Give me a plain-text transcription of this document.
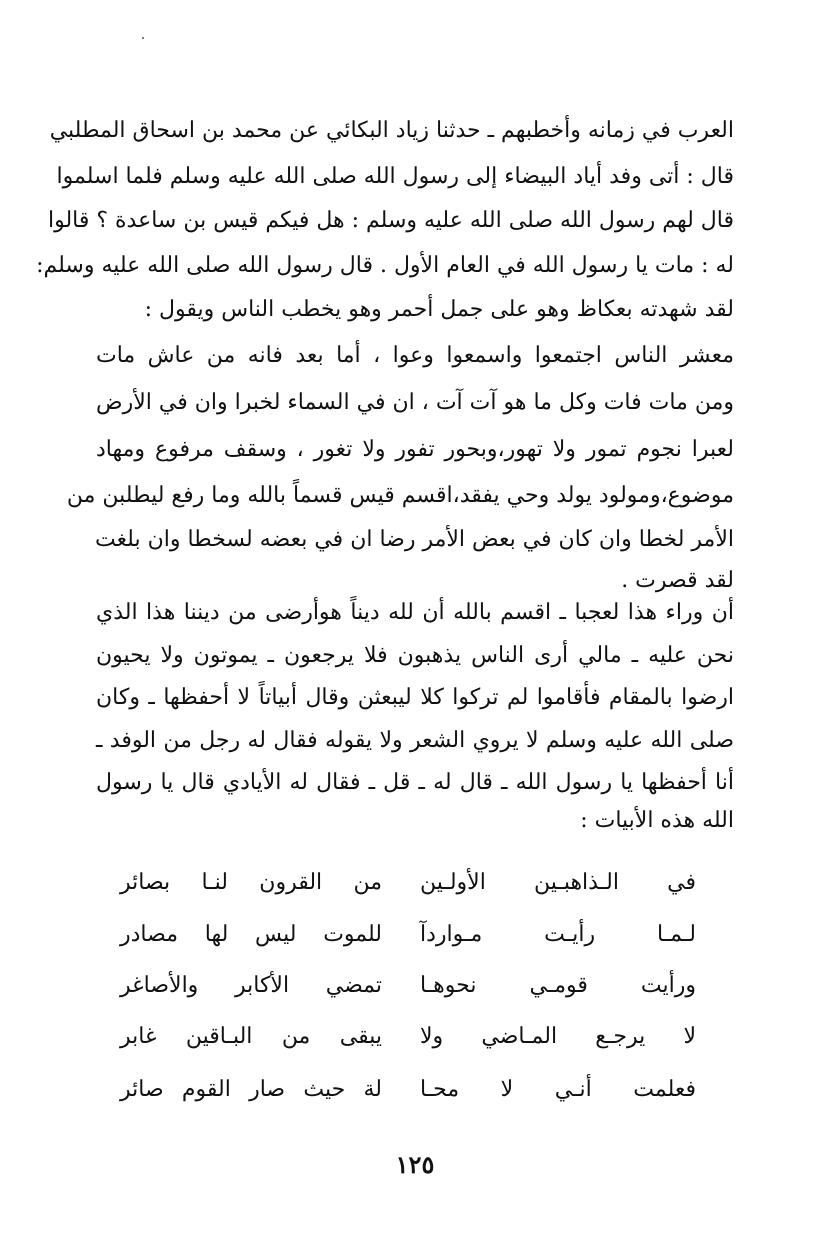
العرب في زمانه وأخطبهم ـ حدثنا زياد البكائي عن محمد بن اسحاق المطلبي
قال : أتى وفد أياد البيضاء إلى رسول الله صلى الله عليه وسلم فلما اسلموا
قال لهم رسول الله صلى الله عليه وسلم : هل فيكم قيس بن ساعدة ؟ قالوا
له : مات يا رسول الله في العام الأول . قال رسول الله صلى الله عليه وسلم:
لقد شهدته بعكاظ وهو على جمل أحمر وهو يخطب الناس ويقول :
معشر الناس اجتمعوا واسمعوا وعوا ، أما بعد فانه من عاش مات
ومن مات فات وكل ما هو آت آت ، ان في السماء لخبرا وان في الأرض
لعبرا نجوم تمور ولا تهور،وبحور تفور ولا تغور ، وسقف مرفوع ومهاد
موضوع،ومولود يولد وحي يفقد،اقسم قيس قسماً بالله وما رفع ليطلبن من
الأمر لخطا وان كان في بعض الأمر رضا ان في بعضه لسخطا وان بلغت
لقد قصرت .
أن وراء هذا لعجبا ـ اقسم بالله أن لله ديناً هوأرضى من ديننا هذا الذي
نحن عليه ـ مالي أرى الناس يذهبون فلا يرجعون ـ يموتون ولا يحيون
ارضوا بالمقام فأقاموا لم تركوا كلا ليبعثن وقال أبياتاً لا أحفظها ـ وكان
صلى الله عليه وسلم لا يروي الشعر ولا يقوله فقال له رجل من الوفد ـ
أنا أحفظها يا رسول الله ـ قال له ـ قل ـ فقال له الأيادي قال يا رسول
الله هذه الأبيات :
في الـذاهبـين الأولـين
من القرون لنـا بصائر
لـمـا رأيـت مـواردآ
للموت ليس لها مصادر
ورأيت قومـي نحوهـا
تمضي الأكابر والأصاغر
لا يرجـع المـاضي ولا
يبقى من البـاقين غابر
فعلمت أنـي لا محـا
لة حيث صار القوم صائر
١٢٥
